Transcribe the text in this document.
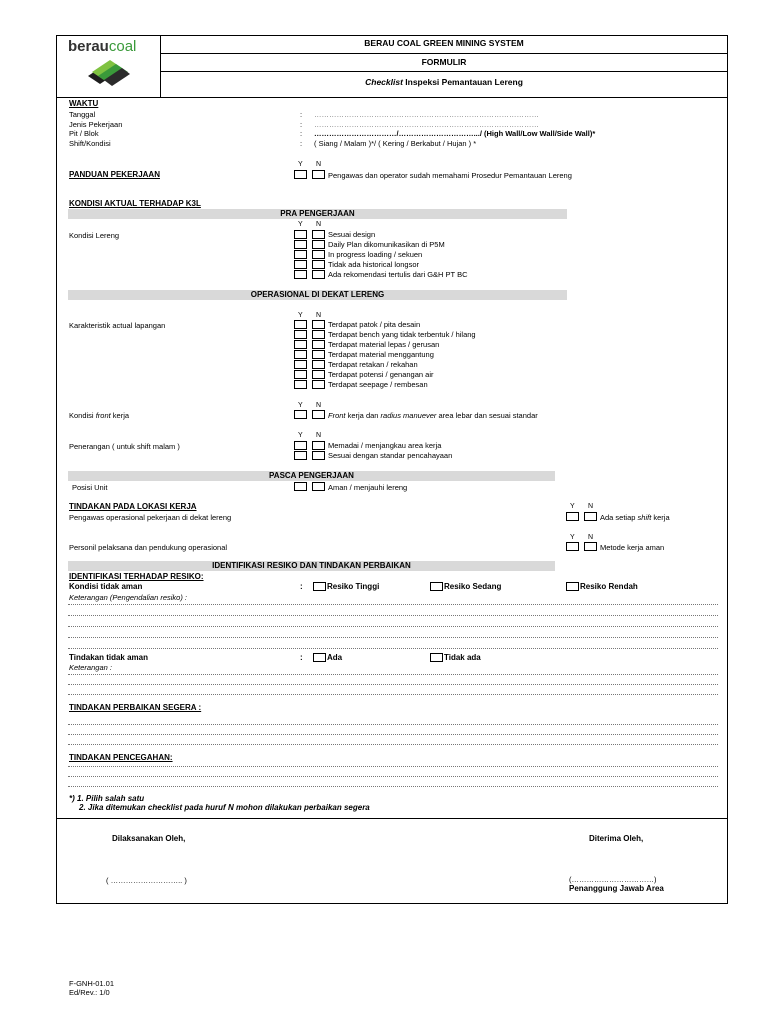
beraucoal	BERAU COAL GREEN MINING SYSTEM
FORMULIR
Checklist Inspeksi Pemantauan Lereng
WAKTU
Tanggal	: ………………………………………………………………………………
Jenis Pekerjaan	: ………………………………………………………………………………
Pit / Blok	: ……………………………/………………………….../ (High Wall/Low Wall/Side Wall)*
Shift/Kondisi	: ( Siang / Malam )*/ ( Kering / Berkabut / Hujan ) *
Y N
PANDUAN PEKERJAAN	Pengawas dan operator sudah memahami Prosedur Pemantauan Lereng
KONDISI AKTUAL TERHADAP K3L
PRA PENGERJAAN
Y N
Kondisi Lereng	Sesuai design
Daily Plan dikomunikasikan di P5M
In progress loading / sekuen
Tidak ada historical longsor
Ada rekomendasi tertulis dari G&H PT BC
OPERASIONAL DI DEKAT LERENG
Y N
Karakteristik actual lapangan	Terdapat patok / pita desain
Terdapat bench yang tidak terbentuk / hilang
Terdapat material lepas / gerusan
Terdapat material menggantung
Terdapat retakan / rekahan
Terdapat potensi / genangan air
Terdapat seepage / rembesan
Y N
Kondisi front kerja	Front kerja dan radius manuever area lebar dan sesuai standar
Y N
Penerangan ( untuk shift malam )	Memadai / menjangkau area kerja
Sesuai dengan standar pencahayaan
PASCA PENGERJAAN
Posisi Unit	Aman / menjauhi lereng
TINDAKAN PADA LOKASI KERJA	Y N
Pengawas operasional pekerjaan di dekat lereng	Ada setiap shift kerja
Y N
Personil pelaksana dan pendukung operasional	Metode kerja aman
IDENTIFIKASI RESIKO DAN TINDAKAN PERBAIKAN
IDENTIFIKASI TERHADAP RESIKO:
Kondisi tidak aman	:	Resiko Tinggi	Resiko Sedang	Resiko Rendah
Keterangan (Pengendalian resiko) :
Tindakan tidak aman	:	Ada	Tidak ada
Keterangan :
TINDAKAN PERBAIKAN SEGERA :
TINDAKAN PENCEGAHAN:
*) 1. Pilih salah satu
2. Jika ditemukan checklist pada huruf N mohon dilakukan perbaikan segera
Dilaksanakan Oleh,
( ……………………….. )
Diterima Oleh,
(……………………………)
Penanggung Jawab Area
F-GNH-01.01
Ed/Rev.: 1/0
